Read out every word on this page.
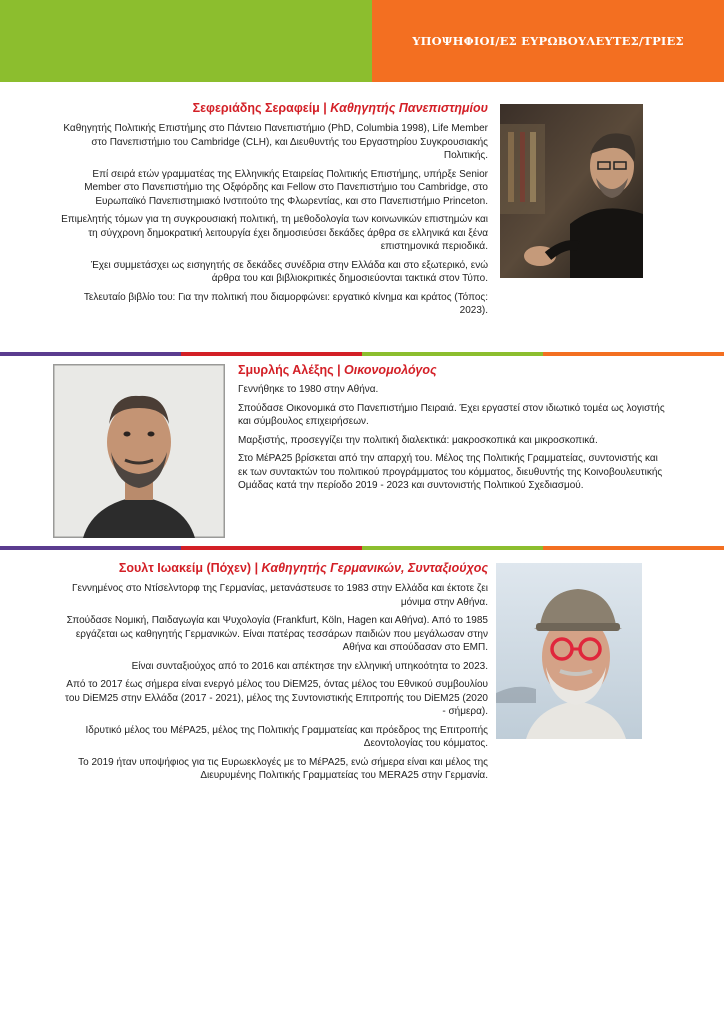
ΥΠΟΨΗΦΙΟΙ/ΕΣ ΕΥΡΩΒΟΥΛΕΥΤΕΣ/ΤΡΙΕΣ
Σεφεριάδης Σεραφείμ | Καθηγητής Πανεπιστημίου

Καθηγητής Πολιτικής Επιστήμης στο Πάντειο Πανεπιστήμιο (PhD, Columbia 1998), Life Member στο Πανεπιστήμιο του Cambridge (CLH), και Διευθυντής του Εργαστηρίου Συγκρουσιακής Πολιτικής.

Επί σειρά ετών γραμματέας της Ελληνικής Εταιρείας Πολιτικής Επιστήμης, υπήρξε Senior Member στο Πανεπιστήμιο της Οξφόρδης και Fellow στο Πανεπιστήμιο του Cambridge, στο Ευρωπαϊκό Πανεπιστημιακό Ινστιτούτο της Φλωρεντίας, και στο Πανεπιστήμιο Princeton.

Επιμελητής τόμων για τη συγκρουσιακή πολιτική, τη μεθοδολογία των κοινωνικών επιστημών και τη σύγχρονη δημοκρατική λειτουργία έχει δημοσιεύσει δεκάδες άρθρα σε ελληνικά και ξένα επιστημονικά περιοδικά.

Έχει συμμετάσχει ως εισηγητής σε δεκάδες συνέδρια στην Ελλάδα και στο εξωτερικό, ενώ άρθρα του και βιβλιοκριτικές δημοσιεύονται τακτικά στον Τύπο.

Τελευταίο βιβλίο του: Για την πολιτική που διαμορφώνει: εργατικό κίνημα και κράτος (Τόπος: 2023).

Σμυρλής Αλέξης | Οικονομολόγος

Γεννήθηκε το 1980 στην Αθήνα.

Σπούδασε Οικονομικά στο Πανεπιστήμιο Πειραιά. Έχει εργαστεί στον ιδιωτικό τομέα ως λογιστής και σύμβουλος επιχειρήσεων.

Μαρξιστής, προσεγγίζει την πολιτική διαλεκτικά: μακροσκοπικά και μικροσκοπικά.

Στο ΜέΡΑ25 βρίσκεται από την απαρχή του. Μέλος της Πολιτικής Γραμματείας, συντονιστής και εκ των συντακτών του πολιτικού προγράμματος του κόμματος, διευθυντής της Κοινοβουλευτικής Ομάδας κατά την περίοδο 2019 - 2023 και συντονιστής Πολιτικού Σχεδιασμού.

Σουλτ Ιωακείμ (Πόχεν) | Καθηγητής Γερμανικών, Συνταξιούχος

Γεννημένος στο Ντίσελντορφ της Γερμανίας, μετανάστευσε το 1983 στην Ελλάδα και έκτοτε ζει μόνιμα στην Αθήνα.

Σπούδασε Νομική, Παιδαγωγία και Ψυχολογία (Frankfurt, Köln, Hagen και Αθήνα). Από το 1985 εργάζεται ως καθηγητής Γερμανικών. Είναι πατέρας τεσσάρων παιδιών που μεγάλωσαν στην Αθήνα και σπούδασαν στο ΕΜΠ.

Είναι συνταξιούχος από το 2016 και απέκτησε την ελληνική υπηκοότητα το 2023.

Από το 2017 έως σήμερα είναι ενεργό μέλος του DiEM25, όντας μέλος του Εθνικού συμβουλίου του DiEM25 στην Ελλάδα (2017 - 2021), μέλος της Συντονιστικής Επιτροπής του DiEM25 (2020 - σήμερα).

Ιδρυτικό μέλος του ΜέΡΑ25, μέλος της Πολιτικής Γραμματείας και πρόεδρος της Επιτροπής Δεοντολογίας του κόμματος.

Το 2019 ήταν υποψήφιος για τις Ευρωεκλογές με το ΜέΡΑ25, ενώ σήμερα είναι και μέλος της Διευρυμένης Πολιτικής Γραμματείας του MERA25 στην Γερμανία.
